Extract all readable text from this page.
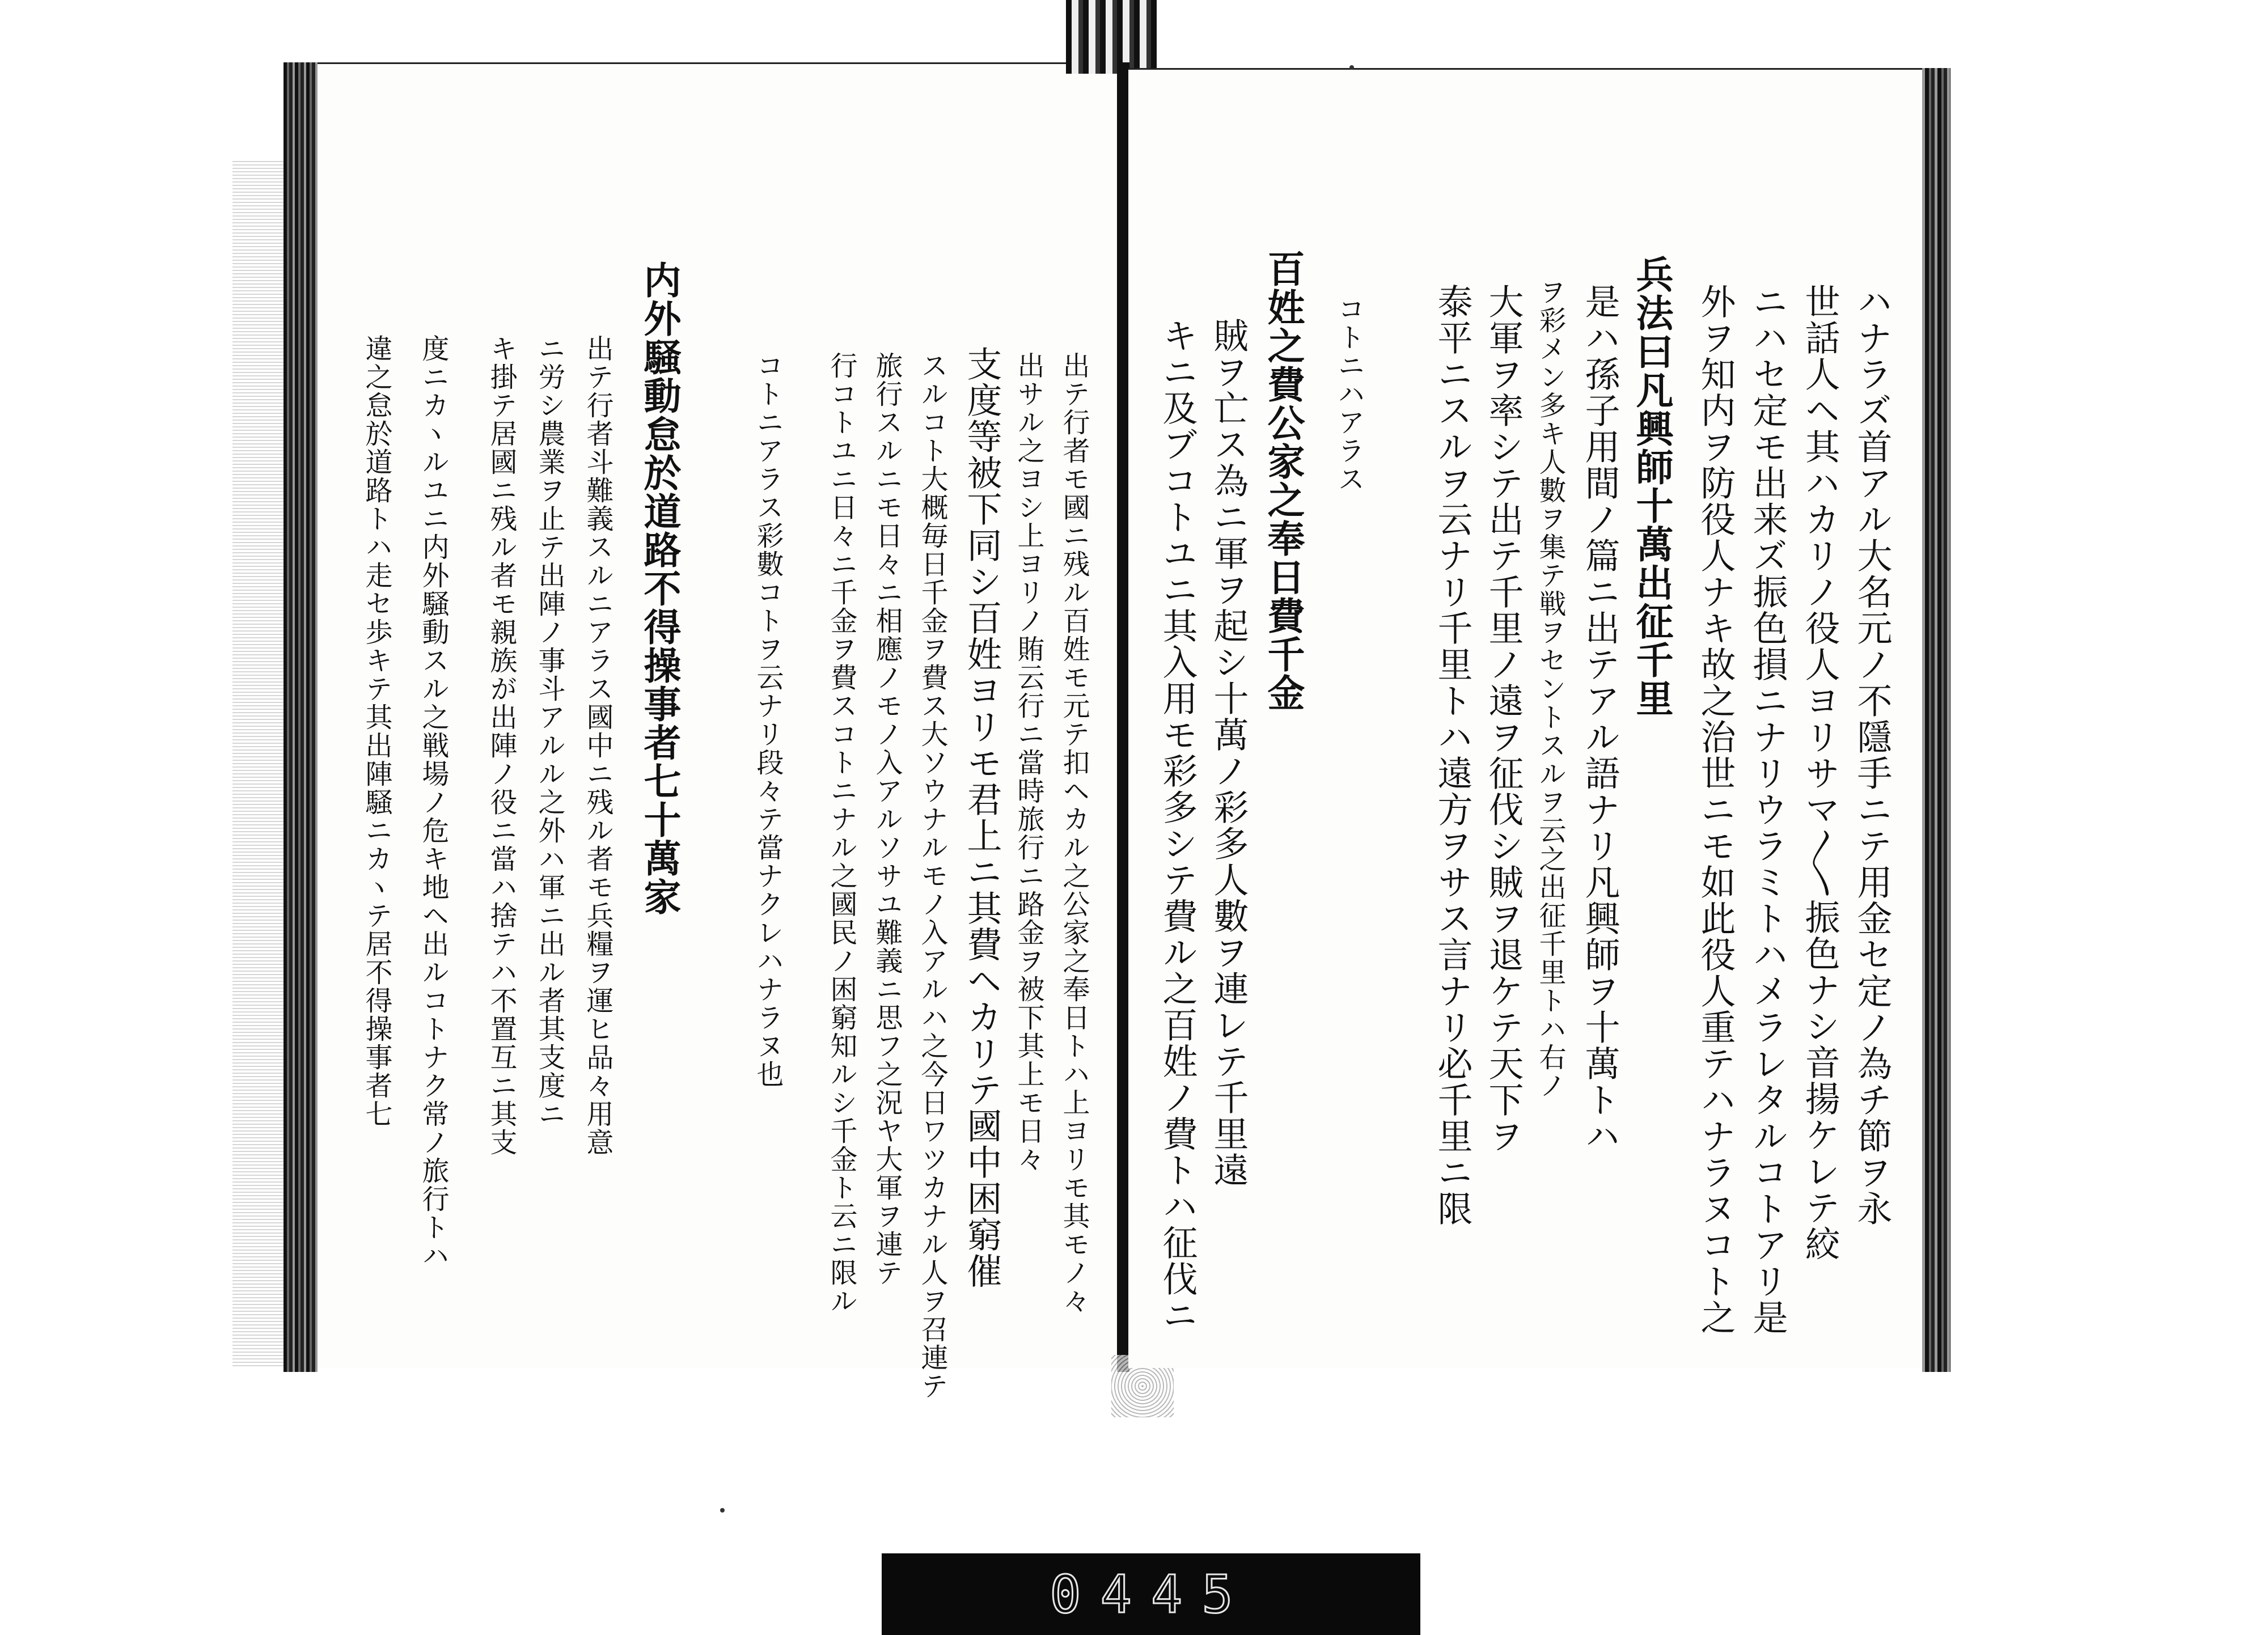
ハナラズ首アル大名元ノ不隱手ニテ用金セ定ノ為チ節ヲ永
世話人ヘ其ハカリノ役人ヨリサマ〳〵振色ナシ音揚ケレテ絞
ニハセ定モ出来ズ振色損ニナリウラミトハメラレタルコトアリ是
外ヲ知内ヲ防役人ナキ故之治世ニモ如此役人重テハナラヌコト之
兵法曰凡興師十萬出征千里
是ハ孫子用間ノ篇ニ出テアル語ナリ凡興師ヲ十萬トハ
ヲ彩メン多キ人數ヲ集テ戦ヲセントスルヲ云之出征千里トハ右ノ
大軍ヲ率シテ出テ千里ノ遠ヲ征伐シ賊ヲ退ケテ天下ヲ
泰平ニスルヲ云ナリ千里トハ遠方ヲサス言ナリ必千里ニ限
コトニハアラス
百姓之費公家之奉日費千金
賊ヲ亡ス為ニ軍ヲ起シ十萬ノ彩多人數ヲ連レテ千里遠
キニ及ブコトユニ其入用モ彩多シテ費ル之百姓ノ費トハ征伐ニ
出テ行者モ國ニ残ル百姓モ元テ扣ヘカル之公家之奉日トハ上ヨリモ其モノ々
出サル之ヨシ上ヨリノ賄云行ニ當時旅行ニ路金ヲ被下其上モ日々
支度等被下同シ百姓ヨリモ君上ニ其費ヘカリテ國中困窮催
スルコト大概毎日千金ヲ費ス大ソウナルモノ入アルハ之今日ワツカナル人ヲ召連テ
旅行スルニモ日々ニ相應ノモノ入アルソサユ難義ニ思フ之況ヤ大軍ヲ連テ
行コトユニ日々ニ千金ヲ費スコトニナル之國民ノ困窮知ルシ千金ト云ニ限ル
コトニアラス彩數コトヲ云ナリ段々テ當ナクレハナラヌ也
内外騒動怠於道路不得操事者七十萬家
出テ行者斗難義スルニアラス國中ニ残ル者モ兵糧ヲ運ヒ品々用意
ニ労シ農業ヲ止テ出陣ノ事斗アルル之外ハ軍ニ出ル者其支度ニ
キ掛テ居國ニ残ル者モ親族が出陣ノ役ニ當ハ捨テハ不置互ニ其支
度ニカヽルユニ内外騒動スル之戦場ノ危キ地ヘ出ルコトナク常ノ旅行トハ
違之怠於道路トハ走セ歩キテ其出陣騒ニカヽテ居不得操事者七
0445
